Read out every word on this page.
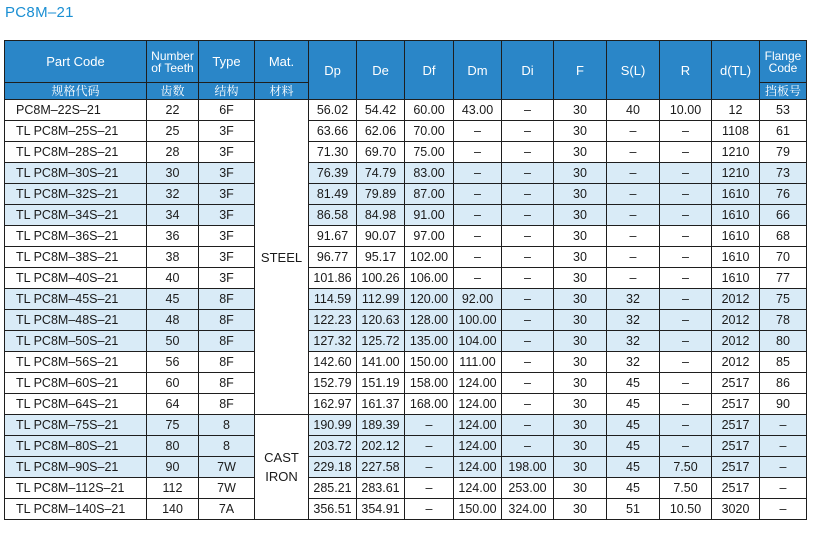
PC8M–21
Part Code	Number
of Teeth	Type	Mat.	Dp	De	Df	Dm	Di	F	S(L)	R	d(TL)	Flange
Code
规格代码	齿数	结构	材料										挡板号
PC8M–22S–21	22	6F	STEEL	56.02	54.42	60.00	43.00	–	30	40	10.00	12	53
TL PC8M–25S–21	25	3F		63.66	62.06	70.00	–	–	30	–	–	1108	61
TL PC8M–28S–21	28	3F		71.30	69.70	75.00	–	–	30	–	–	1210	79
TL PC8M–30S–21	30	3F		76.39	74.79	83.00	–	–	30	–	–	1210	73
TL PC8M–32S–21	32	3F		81.49	79.89	87.00	–	–	30	–	–	1610	76
TL PC8M–34S–21	34	3F		86.58	84.98	91.00	–	–	30	–	–	1610	66
TL PC8M–36S–21	36	3F		91.67	90.07	97.00	–	–	30	–	–	1610	68
TL PC8M–38S–21	38	3F		96.77	95.17	102.00	–	–	30	–	–	1610	70
TL PC8M–40S–21	40	3F		101.86	100.26	106.00	–	–	30	–	–	1610	77
TL PC8M–45S–21	45	8F		114.59	112.99	120.00	92.00	–	30	32	–	2012	75
TL PC8M–48S–21	48	8F		122.23	120.63	128.00	100.00	–	30	32	–	2012	78
TL PC8M–50S–21	50	8F		127.32	125.72	135.00	104.00	–	30	32	–	2012	80
TL PC8M–56S–21	56	8F		142.60	141.00	150.00	111.00	–	30	32	–	2012	85
TL PC8M–60S–21	60	8F		152.79	151.19	158.00	124.00	–	30	45	–	2517	86
TL PC8M–64S–21	64	8F		162.97	161.37	168.00	124.00	–	30	45	–	2517	90
TL PC8M–75S–21	75	8	CAST IRON	190.99	189.39	–	124.00	–	30	45	–	2517	–
TL PC8M–80S–21	80	8		203.72	202.12	–	124.00	–	30	45	–	2517	–
TL PC8M–90S–21	90	7W		229.18	227.58	–	124.00	198.00	30	45	7.50	2517	–
TL PC8M–112S–21	112	7W		285.21	283.61	–	124.00	253.00	30	45	7.50	2517	–
TL PC8M–140S–21	140	7A		356.51	354.91	–	150.00	324.00	30	51	10.50	3020	–
